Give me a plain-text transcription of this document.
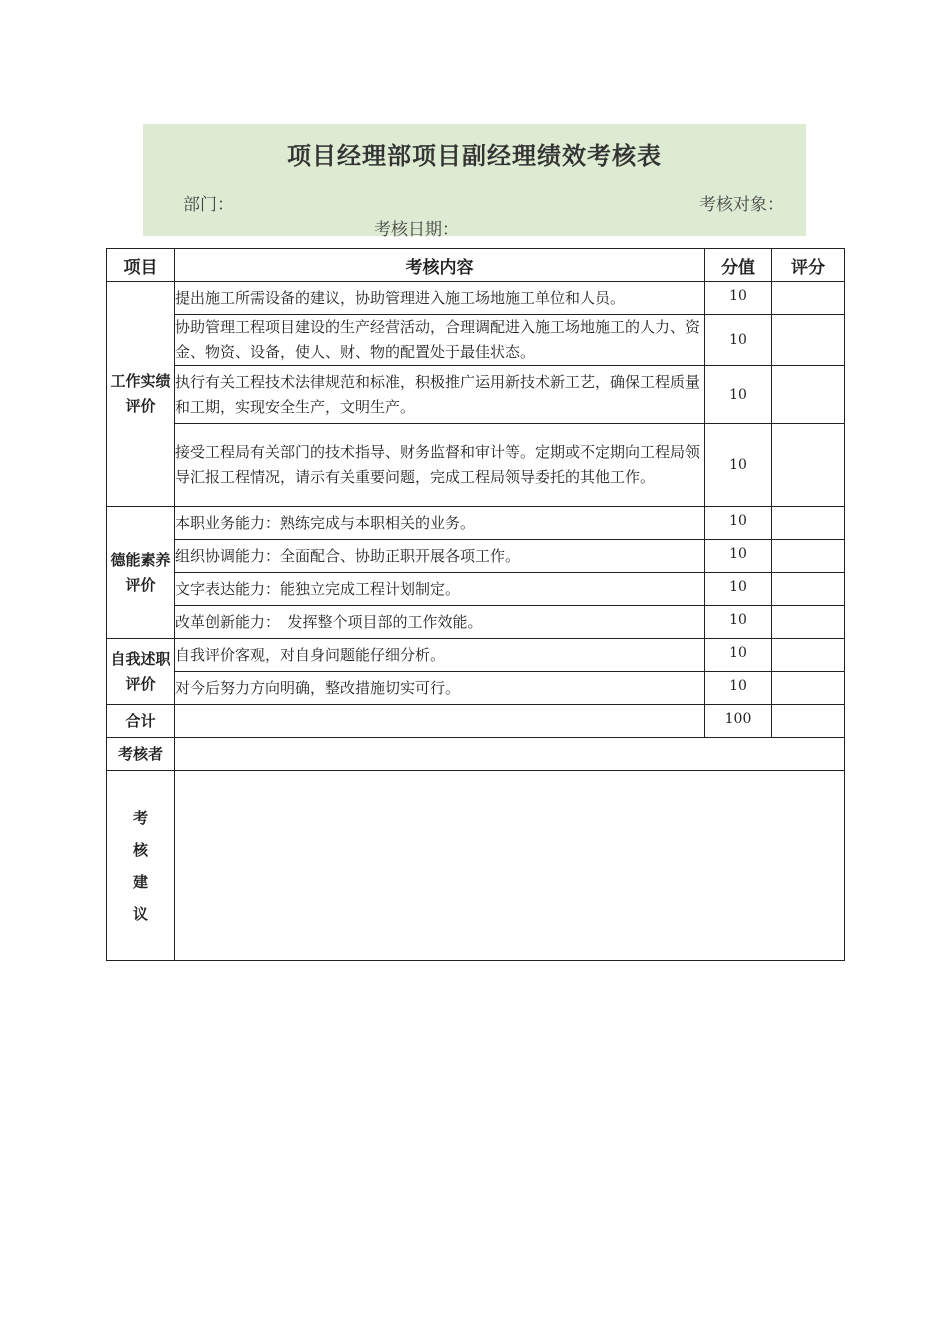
项目经理部项目副经理绩效考核表
部门：	考核对象：
考核日期：
项目	考核内容	分值	评分
工作实绩评价	提出施工所需设备的建议，协助管理进入施工场地施工单位和人员。	10	
	协助管理工程项目建设的生产经营活动，合理调配进入施工场地施工的人力、资金、物资、设备，使人、财、物的配置处于最佳状态。	10	
	执行有关工程技术法律规范和标准，积极推广运用新技术新工艺，确保工程质量和工期，实现安全生产，文明生产。	10	
	接受工程局有关部门的技术指导、财务监督和审计等。定期或不定期向工程局领导汇报工程情况，请示有关重要问题，完成工程局领导委托的其他工作。	10	
德能素养评价	本职业务能力：熟练完成与本职相关的业务。	10	
	组织协调能力：全面配合、协助正职开展各项工作。	10	
	文字表达能力：能独立完成工程计划制定。	10	
	改革创新能力：　发挥整个项目部的工作效能。	10	
自我述职评价	自我评价客观，对自身问题能仔细分析。	10	
	对今后努力方向明确，整改措施切实可行。	10	
合计		100	
考核者			

考
核
建
议			
